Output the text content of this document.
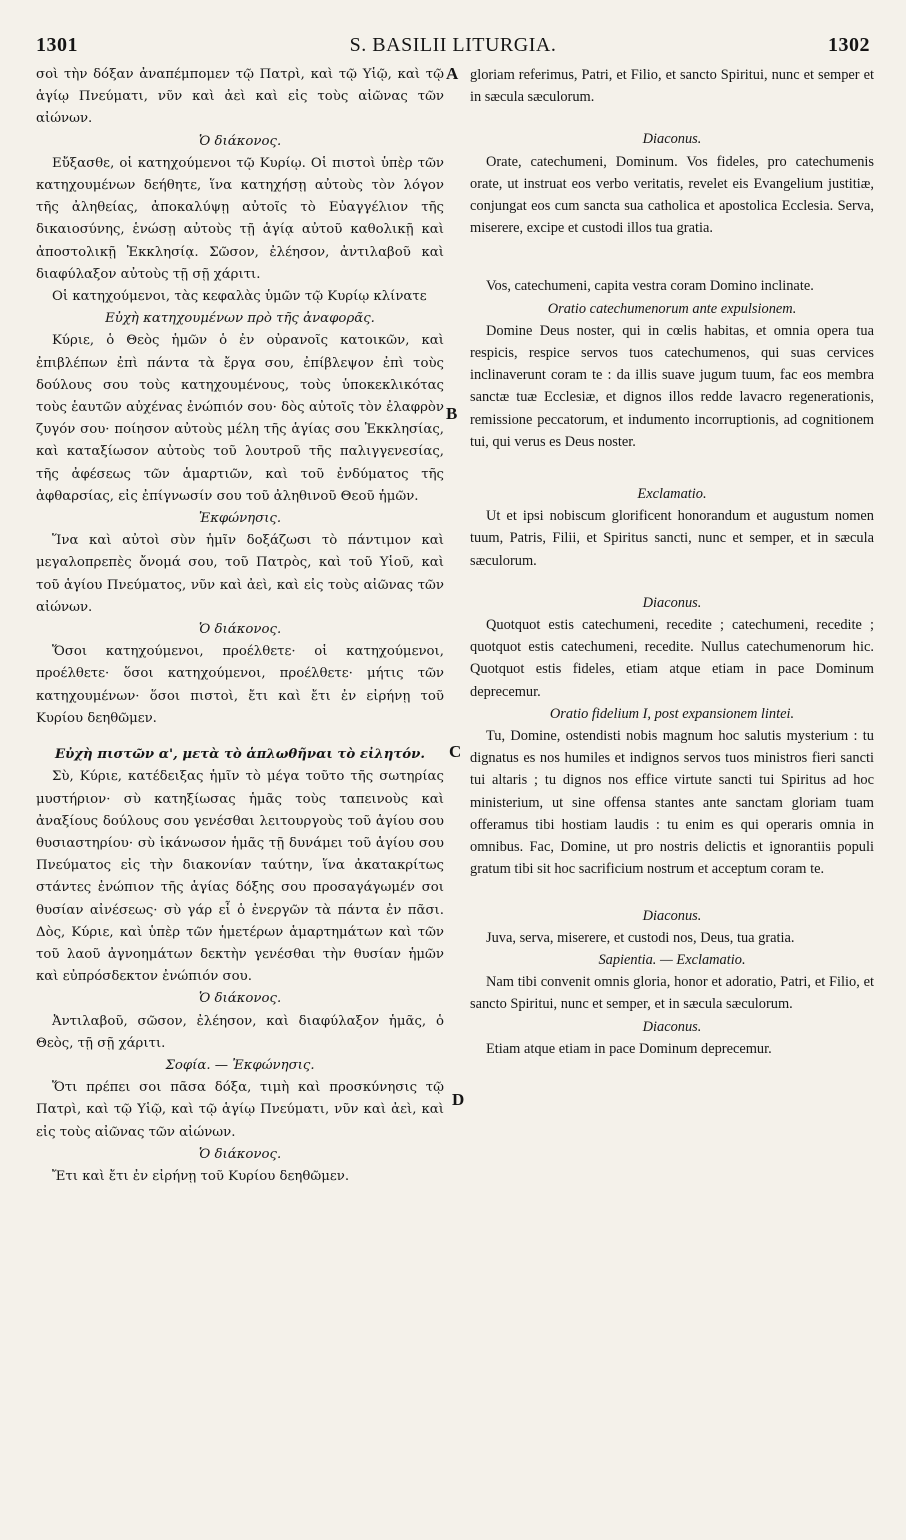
1301	S. BASILII LITURGIA.	1302
A
B
C
D

σοὶ τὴν δόξαν ἀναπέμπομεν τῷ Πατρὶ, καὶ τῷ Υἱῷ, καὶ τῷ ἁγίῳ Πνεύματι, νῦν καὶ ἀεὶ καὶ εἰς τοὺς αἰῶνας τῶν αἰώνων.

Ὁ διάκονος.

Εὔξασθε, οἱ κατηχούμενοι τῷ Κυρίῳ. Οἱ πιστοὶ ὑπὲρ τῶν κατηχουμένων δεήθητε, ἵνα κατηχήσῃ αὐτοὺς τὸν λόγον τῆς ἀληθείας, ἀποκαλύψῃ αὐτοῖς τὸ Εὐαγγέλιον τῆς δικαιοσύνης, ἑνώσῃ αὐτοὺς τῇ ἁγίᾳ αὐτοῦ καθολικῇ καὶ ἀποστολικῇ Ἐκκλησίᾳ. Σῶσον, ἐλέησον, ἀντιλαβοῦ καὶ διαφύλαξον αὐτοὺς τῇ σῇ χάριτι.

Οἱ κατηχούμενοι, τὰς κεφαλὰς ὑμῶν τῷ Κυρίῳ κλίνατε

Εὐχὴ κατηχουμένων πρὸ τῆς ἀναφορᾶς.

Κύριε, ὁ Θεὸς ἡμῶν ὁ ἐν οὐρανοῖς κατοικῶν, καὶ ἐπιβλέπων ἐπὶ πάντα τὰ ἔργα σου, ἐπίβλεψον ἐπὶ τοὺς δούλους σου τοὺς κατηχουμένους, τοὺς ὑποκεκλικότας τοὺς ἑαυτῶν αὐχένας ἐνώπιόν σου· δὸς αὐτοῖς τὸν ἐλαφρὸν ζυγόν σου· ποίησον αὐτοὺς μέλη τῆς ἁγίας σου Ἐκκλησίας, καὶ καταξίωσον αὐτοὺς τοῦ λουτροῦ τῆς παλιγγενεσίας, τῆς ἀφέσεως τῶν ἁμαρτιῶν, καὶ τοῦ ἐνδύματος τῆς ἀφθαρσίας, εἰς ἐπίγνωσίν σου τοῦ ἀληθινοῦ Θεοῦ ἡμῶν.

Ἐκφώνησις.

Ἵνα καὶ αὐτοὶ σὺν ἡμῖν δοξάζωσι τὸ πάντιμον καὶ μεγαλοπρεπὲς ὄνομά σου, τοῦ Πατρὸς, καὶ τοῦ Υἱοῦ, καὶ τοῦ ἁγίου Πνεύματος, νῦν καὶ ἀεὶ, καὶ εἰς τοὺς αἰῶνας τῶν αἰώνων.

Ὁ διάκονος.

Ὅσοι κατηχούμενοι, προέλθετε· οἱ κατηχούμενοι, προέλθετε· ὅσοι κατηχούμενοι, προέλθετε· μήτις τῶν κατηχουμένων· ὅσοι πιστοὶ, ἔτι καὶ ἔτι ἐν εἰρήνῃ τοῦ Κυρίου δεηθῶμεν.

Εὐχὴ πιστῶν α', μετὰ τὸ ἁπλωθῆναι τὸ εἰλητόν.

Σὺ, Κύριε, κατέδειξας ἡμῖν τὸ μέγα τοῦτο τῆς σωτηρίας μυστήριον· σὺ κατηξίωσας ἡμᾶς τοὺς ταπεινοὺς καὶ ἀναξίους δούλους σου γενέσθαι λειτουργοὺς τοῦ ἁγίου σου θυσιαστηρίου· σὺ ἱκάνωσον ἡμᾶς τῇ δυνάμει τοῦ ἁγίου σου Πνεύματος εἰς τὴν διακονίαν ταύτην, ἵνα ἀκατακρίτως στάντες ἐνώπιον τῆς ἁγίας δόξης σου προσαγάγωμέν σοι θυσίαν αἰνέσεως· σὺ γάρ εἶ ὁ ἐνεργῶν τὰ πάντα ἐν πᾶσι. Δὸς, Κύριε, καὶ ὑπὲρ τῶν ἡμετέρων ἁμαρτημάτων καὶ τῶν τοῦ λαοῦ ἀγνοημάτων δεκτὴν γενέσθαι τὴν θυσίαν ἡμῶν καὶ εὐπρόσδεκτον ἐνώπιόν σου.

Ὁ διάκονος.

Ἀντιλαβοῦ, σῶσον, ἐλέησον, καὶ διαφύλαξον ἡμᾶς, ὁ Θεὸς, τῇ σῇ χάριτι.

Σοφία. — Ἐκφώνησις.

Ὅτι πρέπει σοι πᾶσα δόξα, τιμὴ καὶ προσκύνησις τῷ Πατρὶ, καὶ τῷ Υἱῷ, καὶ τῷ ἁγίῳ Πνεύματι, νῦν καὶ ἀεὶ, καὶ εἰς τοὺς αἰῶνας τῶν αἰώνων.

Ὁ διάκονος.

Ἔτι καὶ ἔτι ἐν εἰρήνῃ τοῦ Κυρίου δεηθῶμεν.

gloriam referimus, Patri, et Filio, et sancto Spiritui, nunc et semper et in sæcula sæculorum.

Diaconus.

Orate, catechumeni, Dominum. Vos fideles, pro catechumenis orate, ut instruat eos verbo veritatis, revelet eis Evangelium justitiæ, conjungat eos cum sancta sua catholica et apostolica Ecclesia. Serva, miserere, excipe et custodi illos tua gratia.

Vos, catechumeni, capita vestra coram Domino inclinate.

Oratio catechumenorum ante expulsionem.

Domine Deus noster, qui in cœlis habitas, et omnia opera tua respicis, respice servos tuos catechumenos, qui suas cervices inclinaverunt coram te : da illis suave jugum tuum, fac eos membra sanctæ tuæ Ecclesiæ, et dignos illos redde lavacro regenerationis, remissione peccatorum, et indumento incorruptionis, ad cognitionem tui, qui verus es Deus noster.

Exclamatio.

Ut et ipsi nobiscum glorificent honorandum et augustum nomen tuum, Patris, Filii, et Spiritus sancti, nunc et semper, et in sæcula sæculorum.

Diaconus.

Quotquot estis catechumeni, recedite ; catechumeni, recedite ; quotquot estis catechumeni, recedite. Nullus catechumenorum hic. Quotquot estis fideles, etiam atque etiam in pace Dominum deprecemur.

Oratio fidelium I, post expansionem lintei.

Tu, Domine, ostendisti nobis magnum hoc salutis mysterium : tu dignatus es nos humiles et indignos servos tuos ministros fieri sancti tui altaris ; tu dignos nos effice virtute sancti tui Spiritus ad hoc ministerium, ut sine offensa stantes ante sanctam gloriam tuam offeramus tibi hostiam laudis : tu enim es qui operaris omnia in omnibus. Fac, Domine, ut pro nostris delictis et ignorantiis populi gratum tibi sit hoc sacrificium nostrum et acceptum coram te.

Diaconus.

Juva, serva, miserere, et custodi nos, Deus, tua gratia.

Sapientia. — Exclamatio.

Nam tibi convenit omnis gloria, honor et adoratio, Patri, et Filio, et sancto Spiritui, nunc et semper, et in sæcula sæculorum.

Diaconus.

Etiam atque etiam in pace Dominum deprecemur.
